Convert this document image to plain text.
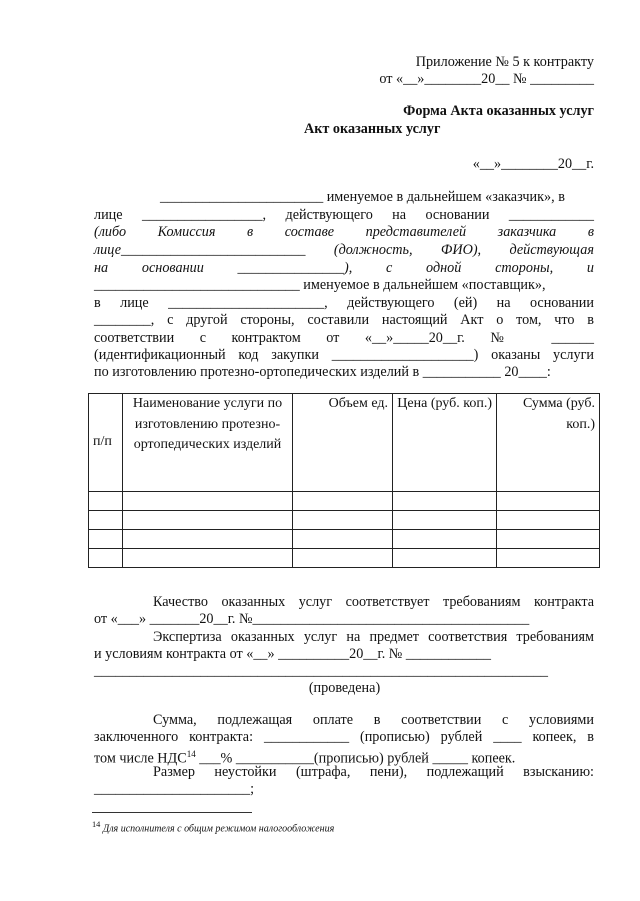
Приложение № 5 к контракту
от «__»________20__ № _________
Форма Акта оказанных услуг
Акт оказанных услуг
«__»________20__г.
_______________________ именуемое в дальнейшем «заказчик», в
лице _________________, действующего на основании ____________
(либо Комиссия в составе представителей заказчика в
лице__________________________ (должность, ФИО), действующая
на основании _______________), с одной стороны, и
_____________________________ именуемое в дальнейшем «поставщик»,
в лице ______________________, действующего (ей) на основании
________, с другой стороны, составили настоящий Акт о том, что в
соответствии с контрактом от «__»_____20__г. № ______
(идентификационный код закупки ____________________) оказаны услуги
по изготовлению протезно-ортопедических изделий в ___________ 20____:
п/п	Наименование услуги по изготовлению протезно-ортопедических изделий	Объем ед.	Цена (руб. коп.)	Сумма (руб. коп.)

Качество оказанных услуг соответствует требованиям контракта
от «___» _______20__г. №_______________________________________
Экспертиза оказанных услуг на предмет соответствия требованиям
и условиям контракта от «__» __________20__г. № ____________
________________________________________________________________
(проведена)
Сумма, подлежащая оплате в соответствии с условиями
заключенного контракта: ____________ (прописью) рублей ____ копеек, в
том числе НДС$^{14}$ ___% ___________(прописью) рублей _____ копеек.
Размер неустойки (штрафа, пени), подлежащий взысканию:
______________________;
$^{14}$ Для исполнителя с общим режимом налогообложения
